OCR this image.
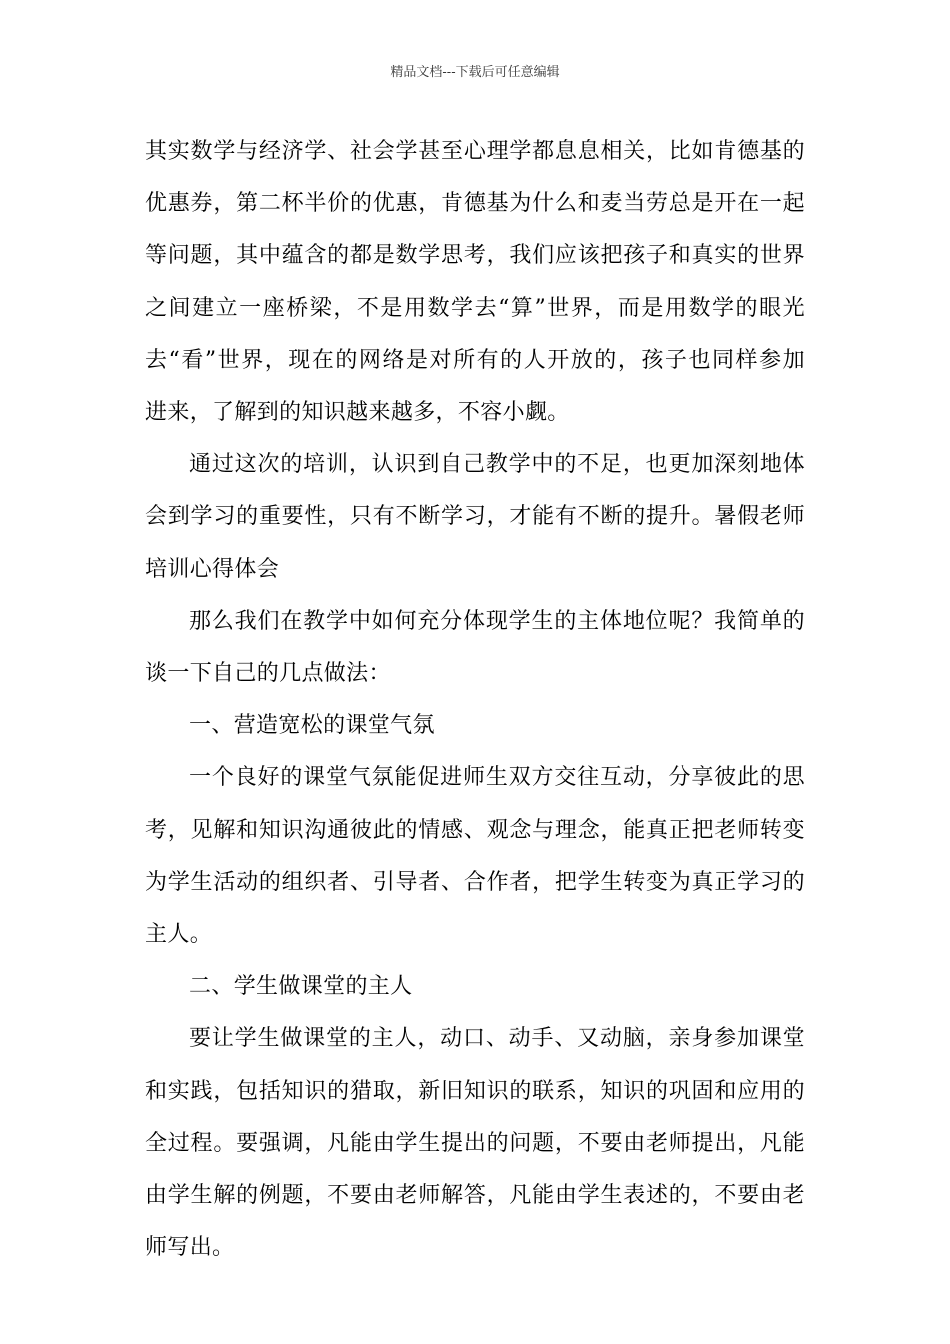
精品文档---下载后可任意编辑

其实数学与经济学、社会学甚至心理学都息息相关，比如肯德基的
优惠券，第二杯半价的优惠，肯德基为什么和麦当劳总是开在一起
等问题，其中蕴含的都是数学思考，我们应该把孩子和真实的世界
之间建立一座桥梁，不是用数学去“算”世界，而是用数学的眼光
去“看”世界，现在的网络是对所有的人开放的，孩子也同样参加
进来，了解到的知识越来越多，不容小觑。

通过这次的培训，认识到自己教学中的不足，也更加深刻地体
会到学习的重要性，只有不断学习，才能有不断的提升。暑假老师
培训心得体会

那么我们在教学中如何充分体现学生的主体地位呢？我简单的
谈一下自己的几点做法：

一、营造宽松的课堂气氛

一个良好的课堂气氛能促进师生双方交往互动，分享彼此的思
考，见解和知识沟通彼此的情感、观念与理念，能真正把老师转变
为学生活动的组织者、引导者、合作者，把学生转变为真正学习的
主人。

二、学生做课堂的主人

要让学生做课堂的主人，动口、动手、又动脑，亲身参加课堂
和实践，包括知识的猎取，新旧知识的联系，知识的巩固和应用的
全过程。要强调，凡能由学生提出的问题，不要由老师提出，凡能
由学生解的例题，不要由老师解答，凡能由学生表述的，不要由老
师写出。
